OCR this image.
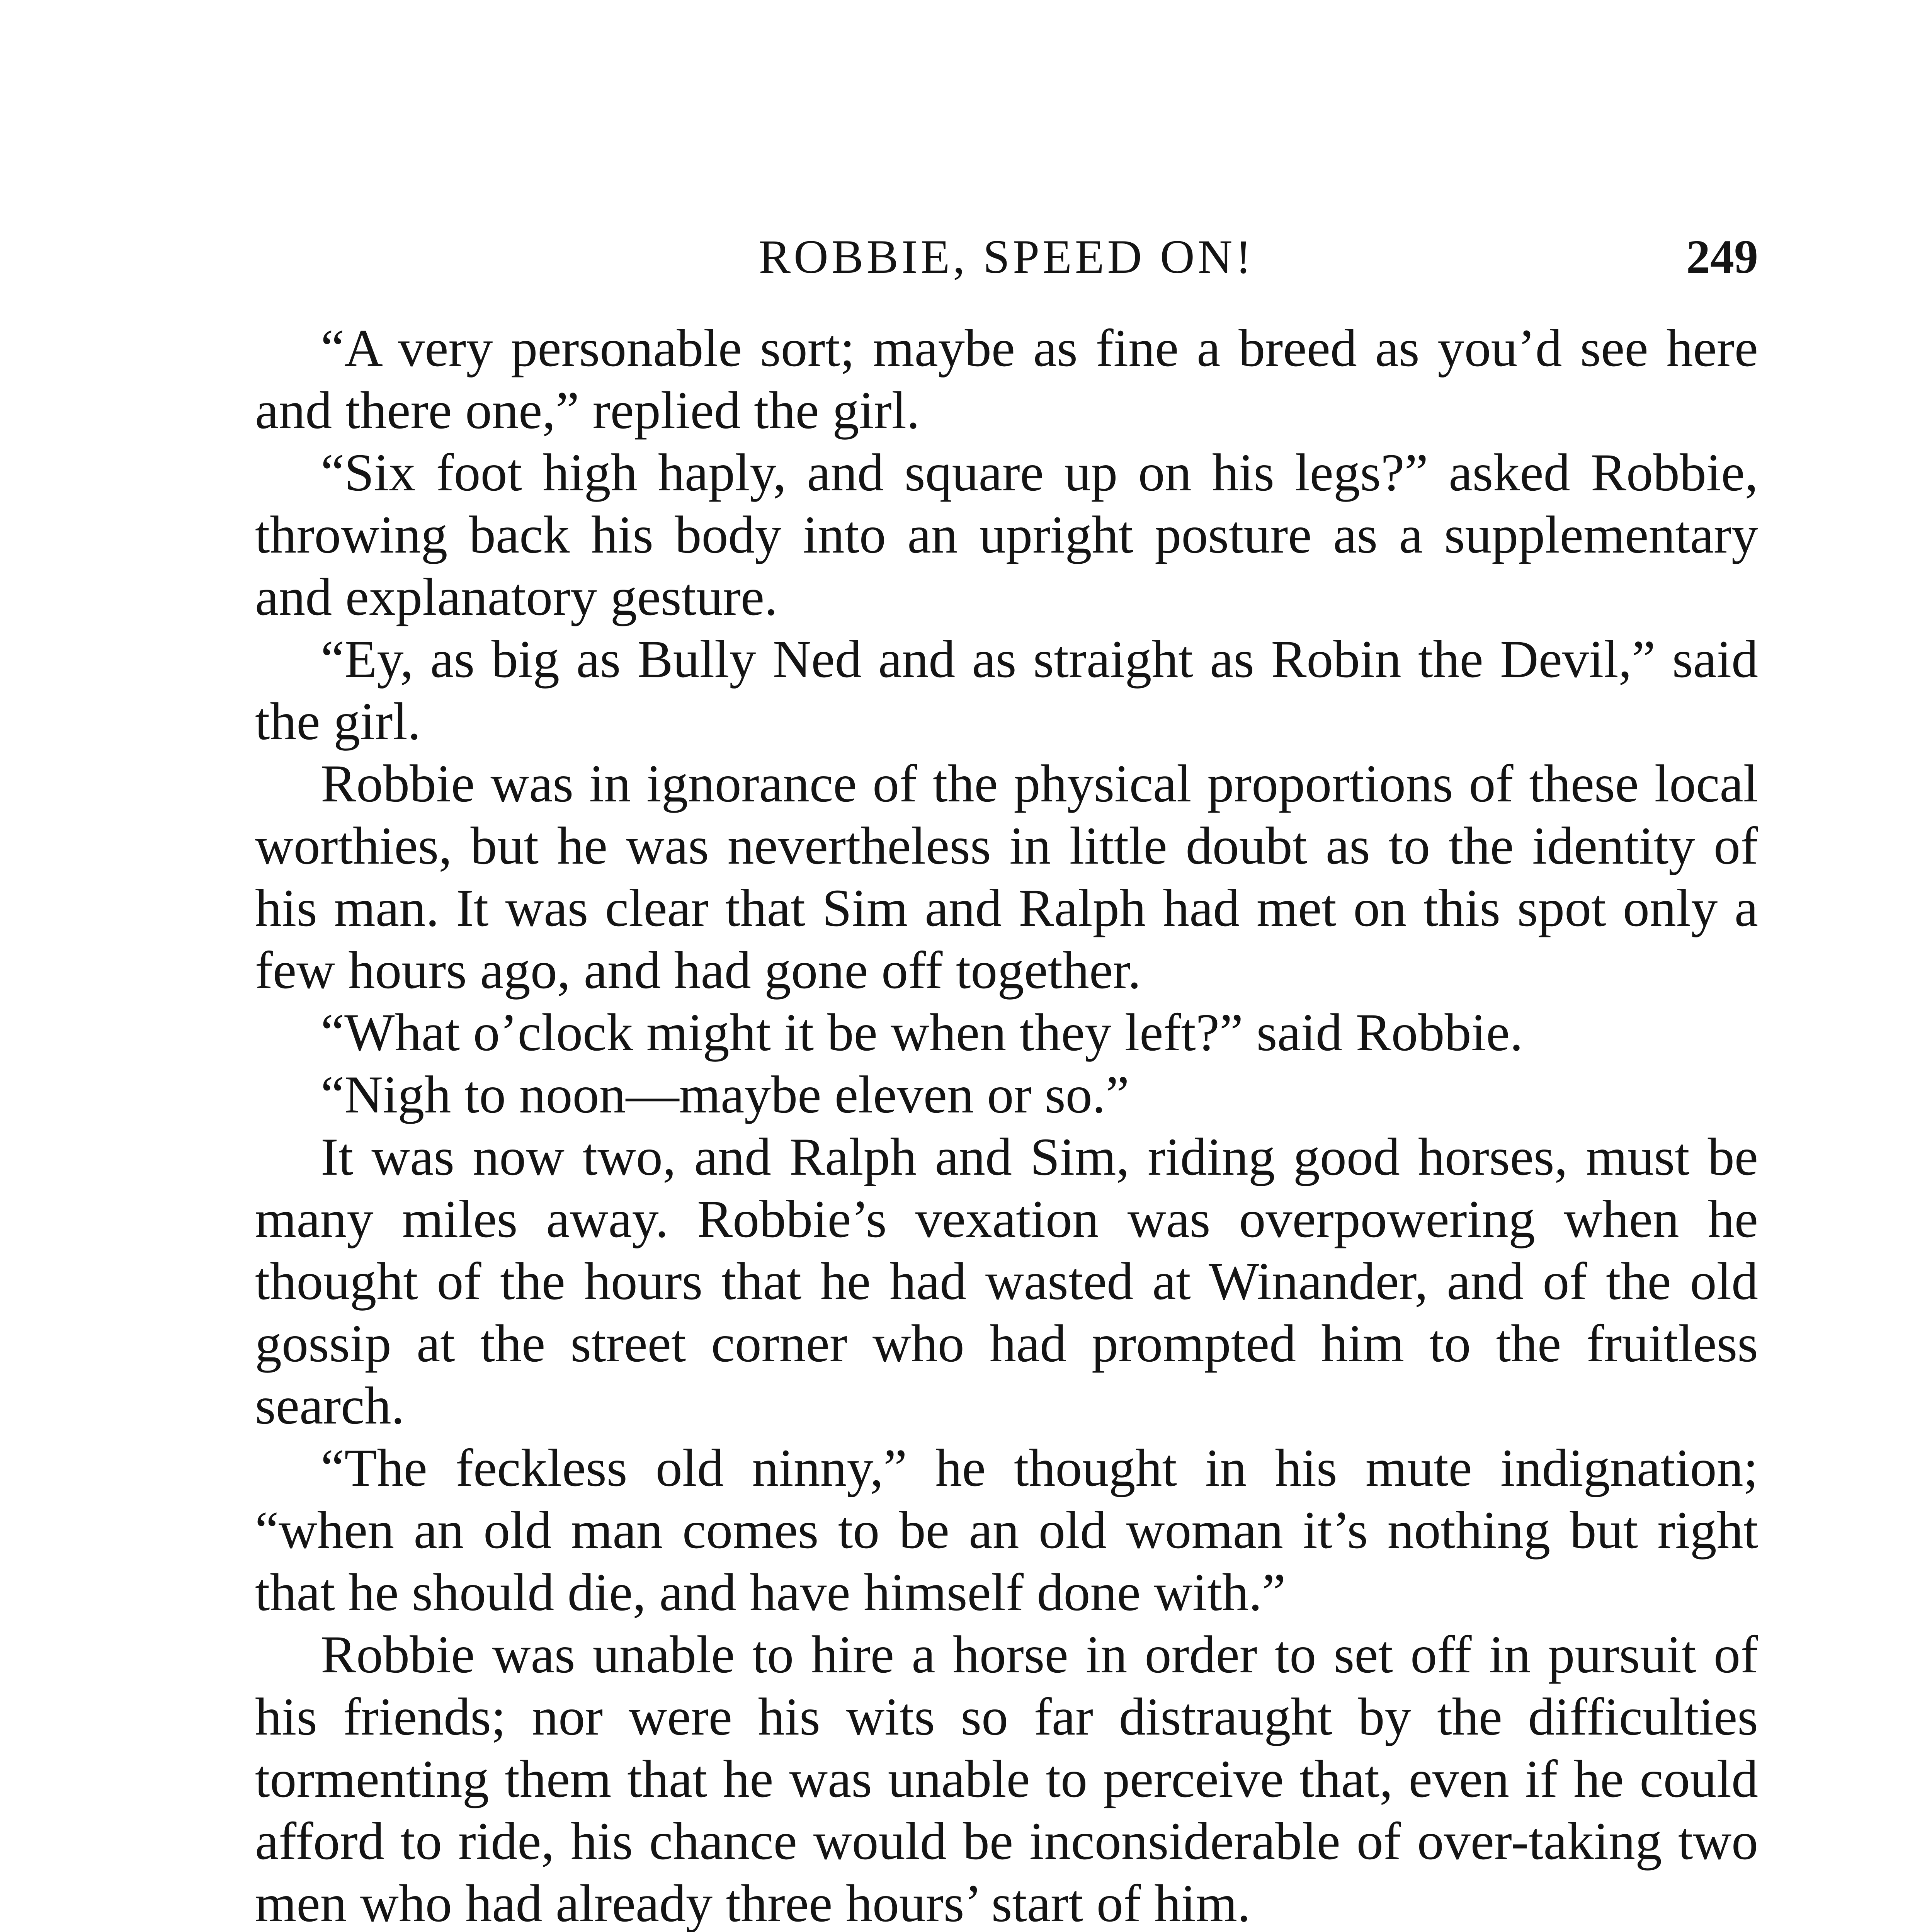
ROBBIE, SPEED ON!	249

“A very personable sort; maybe as fine a breed as you’d see here and there one,” replied the girl.

“Six foot high haply, and square up on his legs?” asked Robbie, throwing back his body into an upright posture as a supplementary and explanatory gesture.

“Ey, as big as Bully Ned and as straight as Robin the Devil,” said the girl.

Robbie was in ignorance of the physical proportions of these local worthies, but he was nevertheless in little doubt as to the identity of his man. It was clear that Sim and Ralph had met on this spot only a few hours ago, and had gone off together.

“What o’clock might it be when they left?” said Robbie.

“Nigh to noon—maybe eleven or so.”

It was now two, and Ralph and Sim, riding good horses, must be many miles away. Robbie’s vexation was overpowering when he thought of the hours that he had wasted at Winander, and of the old gossip at the street corner who had prompted him to the fruitless search.

“The feckless old ninny,” he thought in his mute indignation; “when an old man comes to be an old woman it’s nothing but right that he should die, and have himself done with.”

Robbie was unable to hire a horse in order to set off in pursuit of his friends; nor were his wits so far distraught by the difficulties tormenting them that he was unable to perceive that, even if he could afford to ride, his chance would be inconsiderable of over-taking two men who had already three hours’ start of him.
